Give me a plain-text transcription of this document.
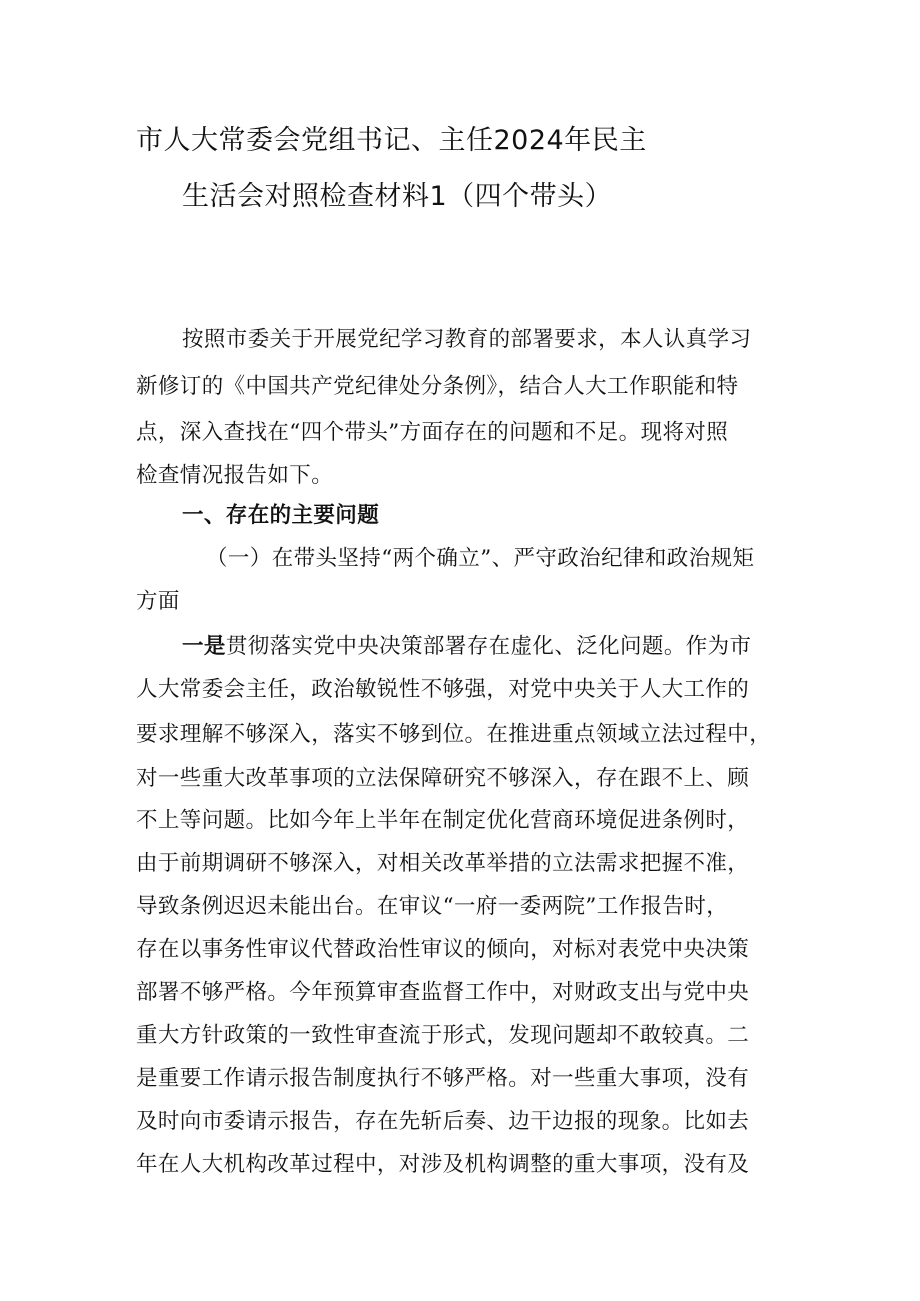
市人大常委会党组书记、主任2024年民主
生活会对照检查材料1（四个带头）
按照市委关于开展党纪学习教育的部署要求，本人认真学习
新修订的《中国共产党纪律处分条例》，结合人大工作职能和特
点，深入查找在“四个带头”方面存在的问题和不足。现将对照
检查情况报告如下。
一、存在的主要问题
（一）在带头坚持“两个确立”、严守政治纪律和政治规矩
方面
一是贯彻落实党中央决策部署存在虚化、泛化问题。作为市
人大常委会主任，政治敏锐性不够强，对党中央关于人大工作的
要求理解不够深入，落实不够到位。在推进重点领域立法过程中，
对一些重大改革事项的立法保障研究不够深入，存在跟不上、顾
不上等问题。比如今年上半年在制定优化营商环境促进条例时，
由于前期调研不够深入，对相关改革举措的立法需求把握不准，
导致条例迟迟未能出台。在审议“一府一委两院”工作报告时，
存在以事务性审议代替政治性审议的倾向，对标对表党中央决策
部署不够严格。今年预算审查监督工作中，对财政支出与党中央
重大方针政策的一致性审查流于形式，发现问题却不敢较真。二
是重要工作请示报告制度执行不够严格。对一些重大事项，没有
及时向市委请示报告，存在先斩后奏、边干边报的现象。比如去
年在人大机构改革过程中，对涉及机构调整的重大事项，没有及
